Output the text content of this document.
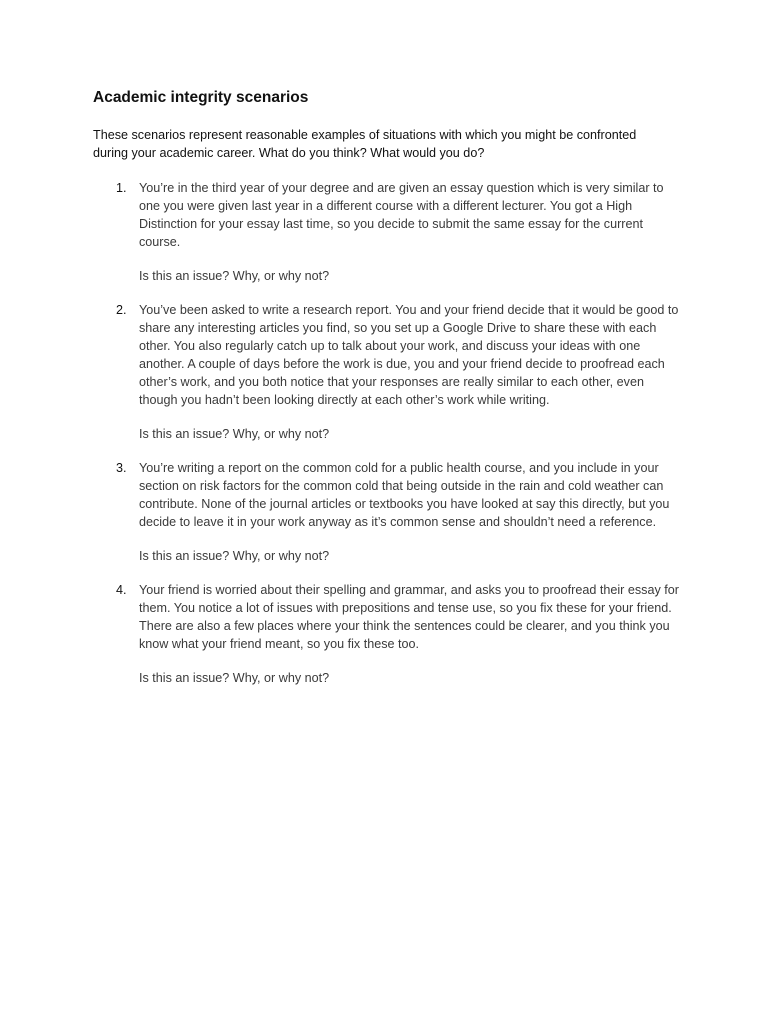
Academic integrity scenarios

These scenarios represent reasonable examples of situations with which you might be confronted during your academic career. What do you think? What would you do?

1. You’re in the third year of your degree and are given an essay question which is very similar to one you were given last year in a different course with a different lecturer. You got a High Distinction for your essay last time, so you decide to submit the same essay for the current course.

Is this an issue? Why, or why not?

2. You’ve been asked to write a research report. You and your friend decide that it would be good to share any interesting articles you find, so you set up a Google Drive to share these with each other. You also regularly catch up to talk about your work, and discuss your ideas with one another. A couple of days before the work is due, you and your friend decide to proofread each other’s work, and you both notice that your responses are really similar to each other, even though you hadn’t been looking directly at each other’s work while writing.

Is this an issue? Why, or why not?

3. You’re writing a report on the common cold for a public health course, and you include in your section on risk factors for the common cold that being outside in the rain and cold weather can contribute. None of the journal articles or textbooks you have looked at say this directly, but you decide to leave it in your work anyway as it’s common sense and shouldn’t need a reference.

Is this an issue? Why, or why not?

4. Your friend is worried about their spelling and grammar, and asks you to proofread their essay for them. You notice a lot of issues with prepositions and tense use, so you fix these for your friend. There are also a few places where your think the sentences could be clearer, and you think you know what your friend meant, so you fix these too.

Is this an issue? Why, or why not?
